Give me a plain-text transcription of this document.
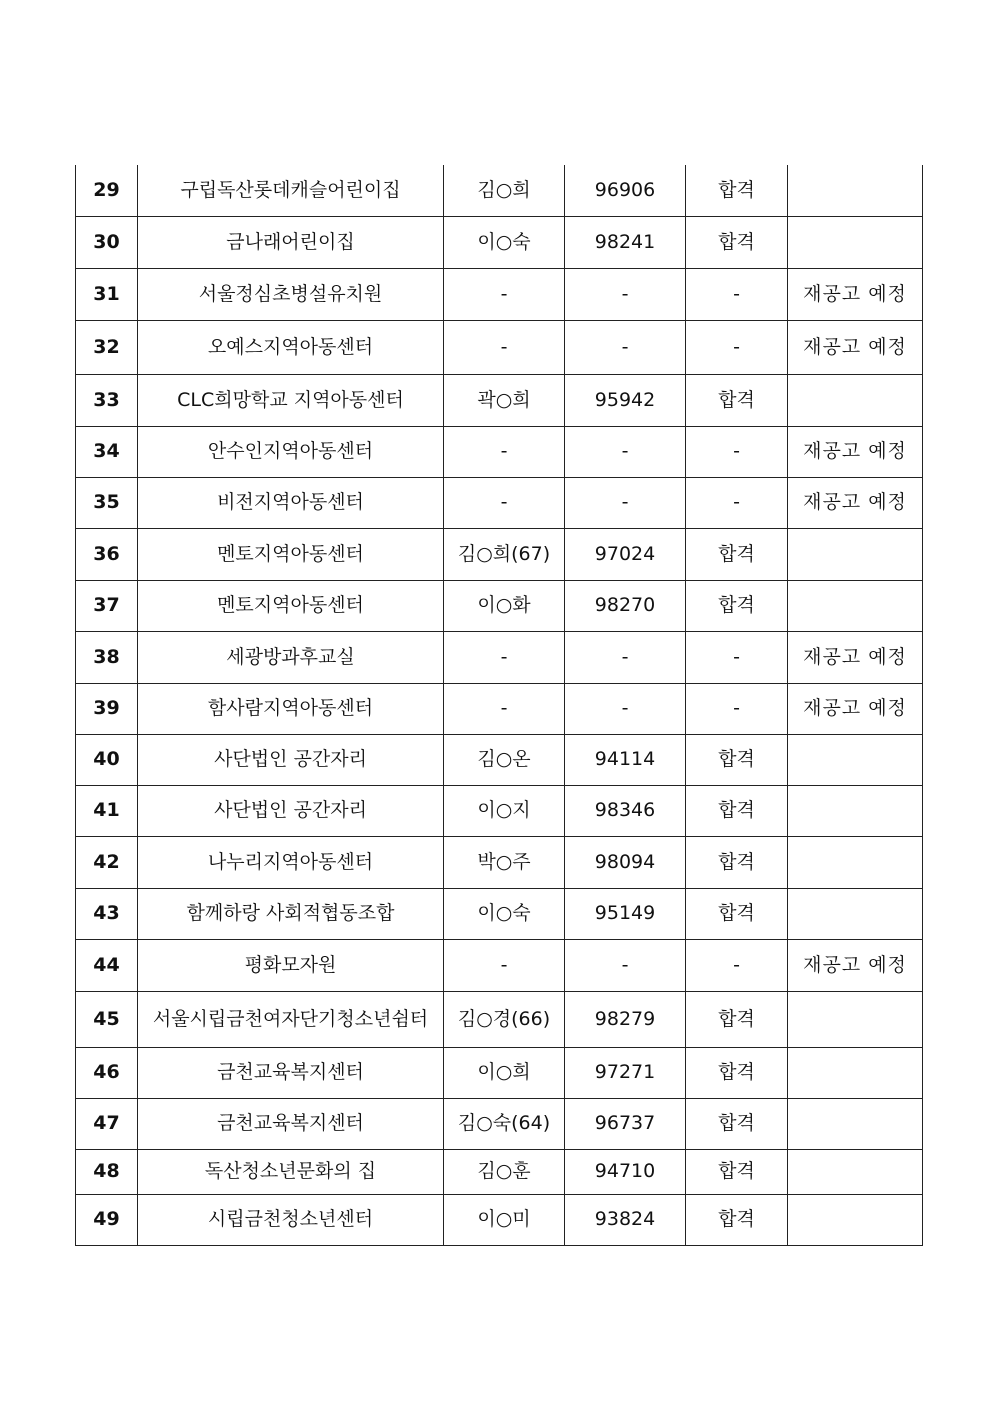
29	구립독산롯데캐슬어린이집	김○희	96906	합격	
30	금나래어린이집	이○숙	98241	합격	
31	서울정심초병설유치원	-	-	-	재공고 예정
32	오예스지역아동센터	-	-	-	재공고 예정
33	CLC희망학교 지역아동센터	곽○희	95942	합격	
34	안수인지역아동센터	-	-	-	재공고 예정
35	비전지역아동센터	-	-	-	재공고 예정
36	멘토지역아동센터	김○희(67)	97024	합격	
37	멘토지역아동센터	이○화	98270	합격	
38	세광방과후교실	-	-	-	재공고 예정
39	함사람지역아동센터	-	-	-	재공고 예정
40	사단법인 공간자리	김○온	94114	합격	
41	사단법인 공간자리	이○지	98346	합격	
42	나누리지역아동센터	박○주	98094	합격	
43	함께하랑 사회적협동조합	이○숙	95149	합격	
44	평화모자원	-	-	-	재공고 예정
45	서울시립금천여자단기청소년쉼터	김○경(66)	98279	합격	
46	금천교육복지센터	이○희	97271	합격	
47	금천교육복지센터	김○숙(64)	96737	합격	
48	독산청소년문화의 집	김○훈	94710	합격	
49	시립금천청소년센터	이○미	93824	합격	
